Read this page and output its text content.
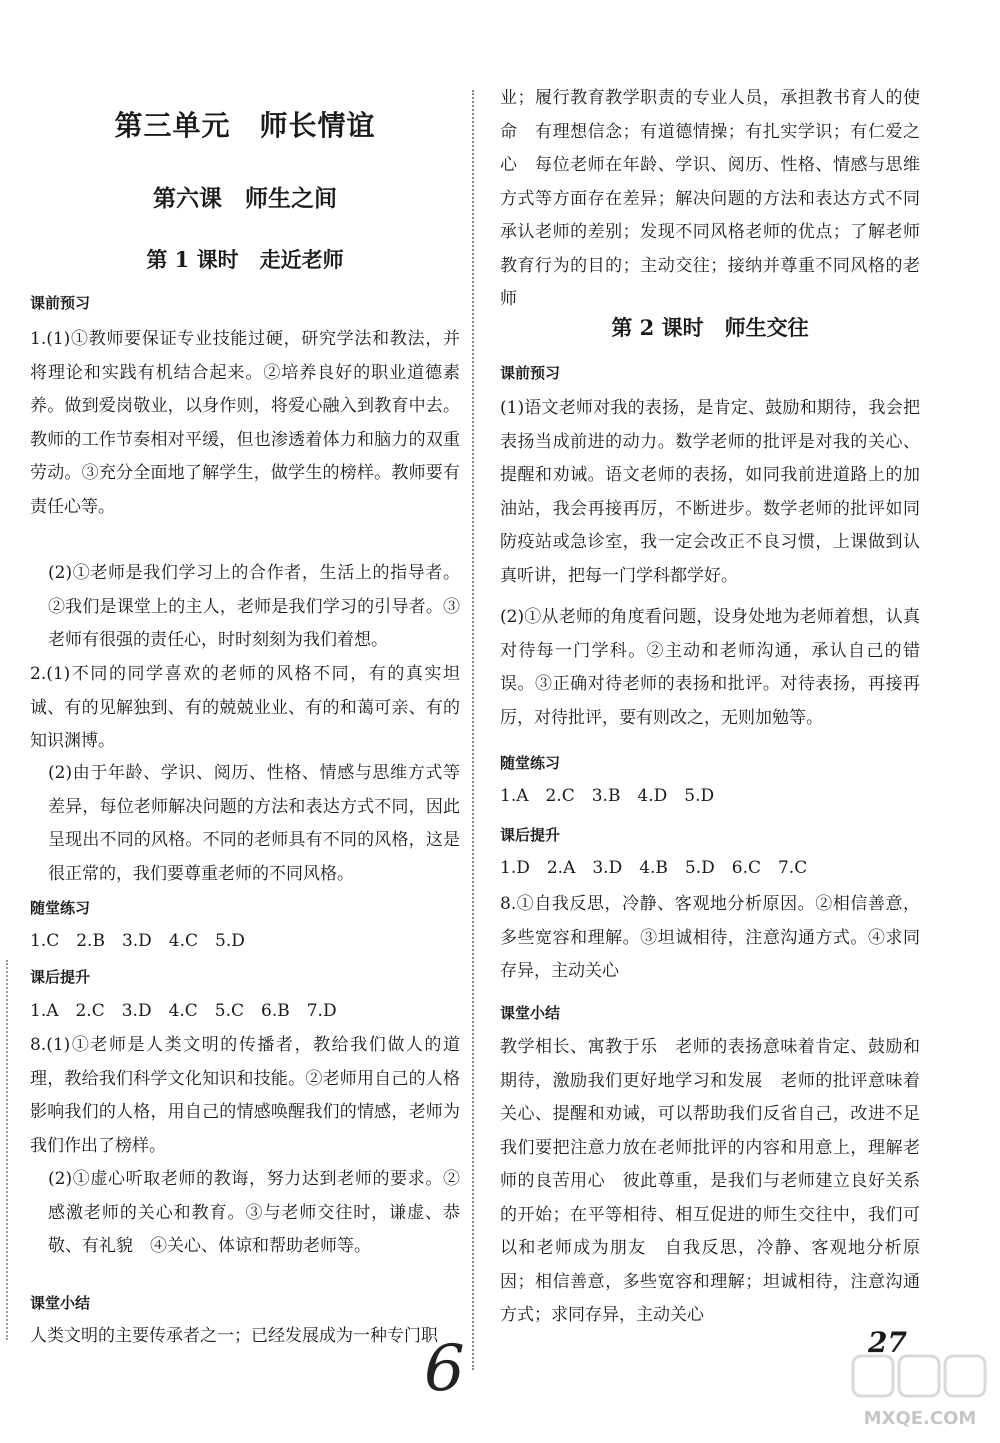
第三单元　师长情谊
第六课　师生之间
第 1 课时　走近老师
课前预习

1.(1)①教师要保证专业技能过硬，研究学法和教法，并将理论和实践有机结合起来。②培养良好的职业道德素养。做到爱岗敬业，以身作则，将爱心融入到教育中去。教师的工作节奏相对平缓，但也渗透着体力和脑力的双重劳动。③充分全面地了解学生，做学生的榜样。教师要有责任心等。

(2)①老师是我们学习上的合作者，生活上的指导者。②我们是课堂上的主人，老师是我们学习的引导者。③老师有很强的责任心，时时刻刻为我们着想。

2.(1)不同的同学喜欢的老师的风格不同，有的真实坦诚、有的见解独到、有的兢兢业业、有的和蔼可亲、有的知识渊博。

(2)由于年龄、学识、阅历、性格、情感与思维方式等差异，每位老师解决问题的方法和表达方式不同，因此呈现出不同的风格。不同的老师具有不同的风格，这是很正常的，我们要尊重老师的不同风格。

随堂练习

1.C　2.B　3.D　4.C　5.D

课后提升

1.A　2.C　3.D　4.C　5.C　6.B　7.D

8.(1)①老师是人类文明的传播者，教给我们做人的道理，教给我们科学文化知识和技能。②老师用自己的人格影响我们的人格，用自己的情感唤醒我们的情感，老师为我们作出了榜样。

(2)①虚心听取老师的教诲，努力达到老师的要求。②感激老师的关心和教育。③与老师交往时，谦虚、恭敬、有礼貌　④关心、体谅和帮助老师等。

课堂小结

人类文明的主要传承者之一；已经发展成为一种专门职

业；履行教育教学职责的专业人员，承担教书育人的使命　有理想信念；有道德情操；有扎实学识；有仁爱之心　每位老师在年龄、学识、阅历、性格、情感与思维方式等方面存在差异；解决问题的方法和表达方式不同　承认老师的差别；发现不同风格老师的优点；了解老师教育行为的目的；主动交往；接纳并尊重不同风格的老师

第 2 课时　师生交往
课前预习

(1)语文老师对我的表扬，是肯定、鼓励和期待，我会把表扬当成前进的动力。数学老师的批评是对我的关心、提醒和劝诫。语文老师的表扬，如同我前进道路上的加油站，我会再接再厉，不断进步。数学老师的批评如同防疫站或急诊室，我一定会改正不良习惯，上课做到认真听讲，把每一门学科都学好。

(2)①从老师的角度看问题，设身处地为老师着想，认真对待每一门学科。②主动和老师沟通，承认自己的错误。③正确对待老师的表扬和批评。对待表扬，再接再厉，对待批评，要有则改之，无则加勉等。

随堂练习

1.A　2.C　3.B　4.D　5.D

课后提升

1.D　2.A　3.D　4.B　5.D　6.C　7.C

8.①自我反思，冷静、客观地分析原因。②相信善意，多些宽容和理解。③坦诚相待，注意沟通方式。④求同存异，主动关心

课堂小结

教学相长、寓教于乐　老师的表扬意味着肯定、鼓励和期待，激励我们更好地学习和发展　老师的批评意味着关心、提醒和劝诫，可以帮助我们反省自己，改进不足　我们要把注意力放在老师批评的内容和用意上，理解老师的良苦用心　彼此尊重，是我们与老师建立良好关系的开始；在平等相待、相互促进的师生交往中，我们可以和老师成为朋友　自我反思，冷静、客观地分析原因；相信善意，多些宽容和理解；坦诚相待，注意沟通方式；求同存异，主动关心

6	27
MXQE.COM
